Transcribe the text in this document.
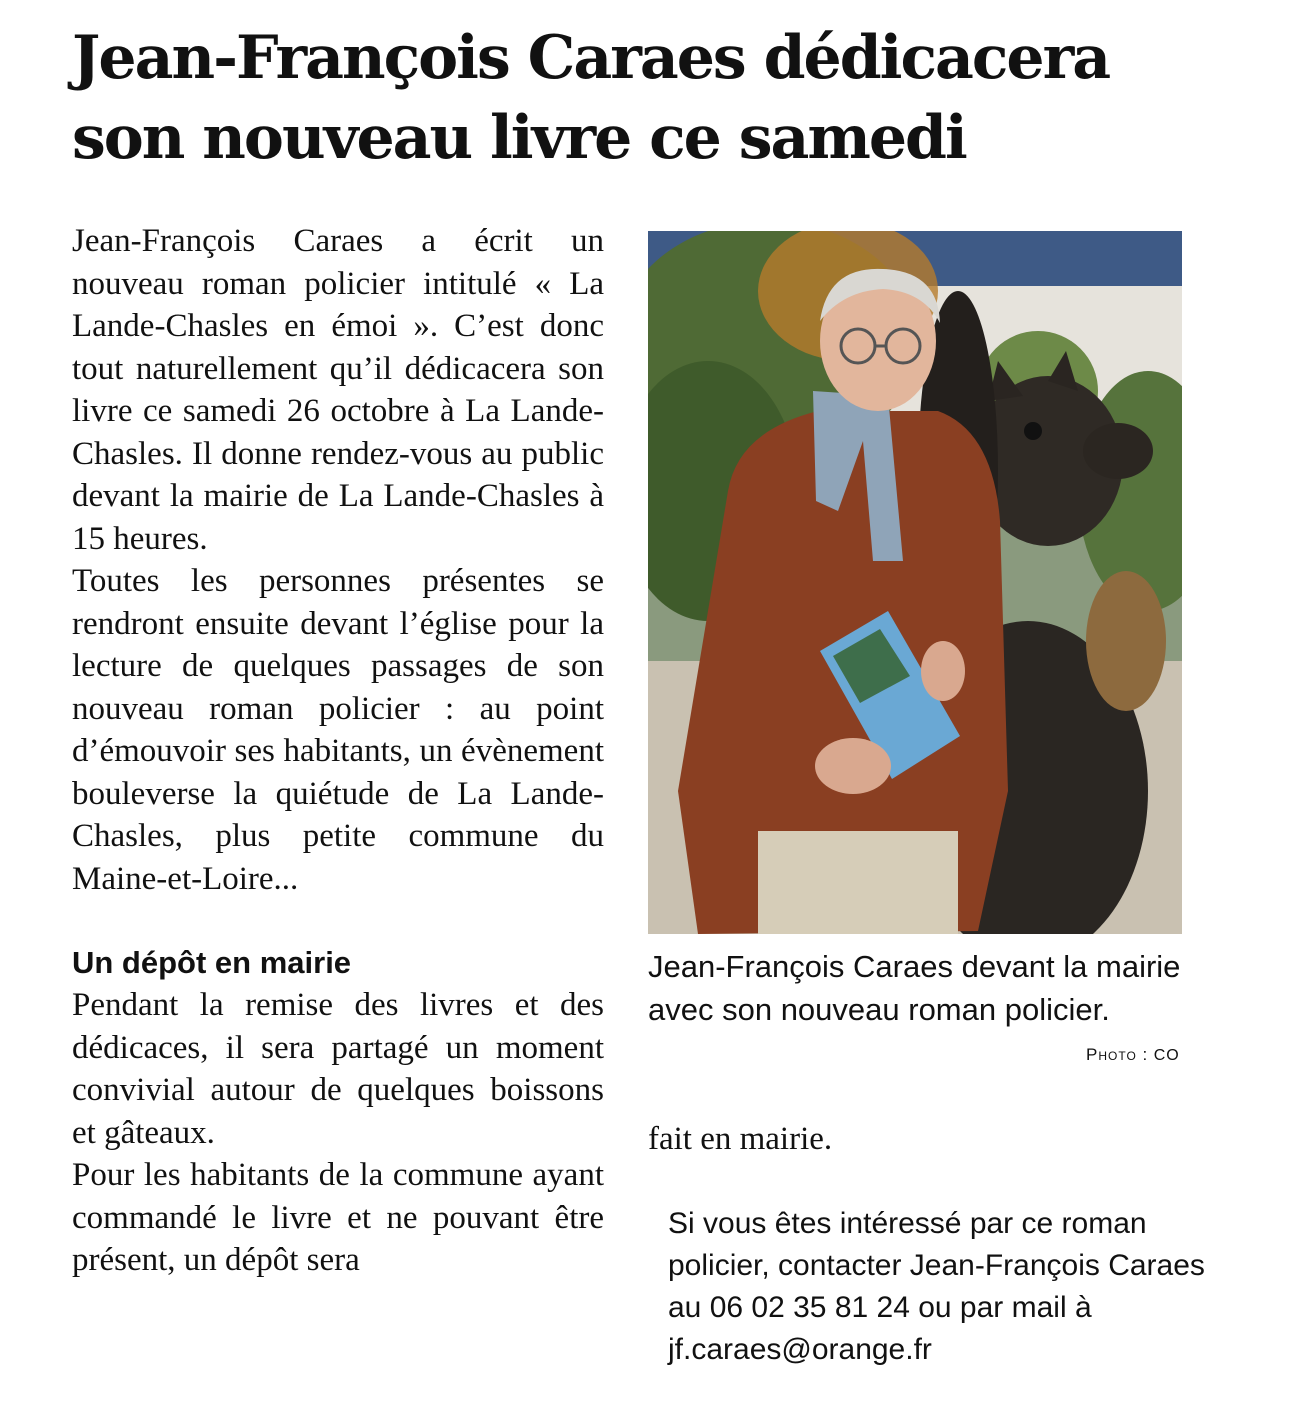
Jean-François Caraes dédicacera son nouveau livre ce samedi

Jean-François Caraes a écrit un nouveau roman policier intitulé « La Lande-Chasles en émoi ». C’est donc tout naturellement qu’il dédicacera son livre ce samedi 26 octobre à La Lande-Chasles. Il donne rendez-vous au public devant la mairie de La Lande-Chasles à 15 heures.

Toutes les personnes présentes se rendront ensuite devant l’église pour la lecture de quelques passages de son nouveau roman policier : au point d’émouvoir ses habitants, un évènement bouleverse la quiétude de La Lande-Chasles, plus petite commune du Maine-et-Loire...

Un dépôt en mairie

Pendant la remise des livres et des dédicaces, il sera partagé un moment convivial autour de quelques boissons et gâteaux.

Pour les habitants de la commune ayant commandé le livre et ne pouvant être présent, un dépôt sera

Jean-François Caraes devant la mairie avec son nouveau roman policier.
Photo : CO
fait en mairie.
Si vous êtes intéressé par ce roman policier, contacter Jean-François Caraes au 06 02 35 81 24 ou par mail à jf.caraes@orange.fr
